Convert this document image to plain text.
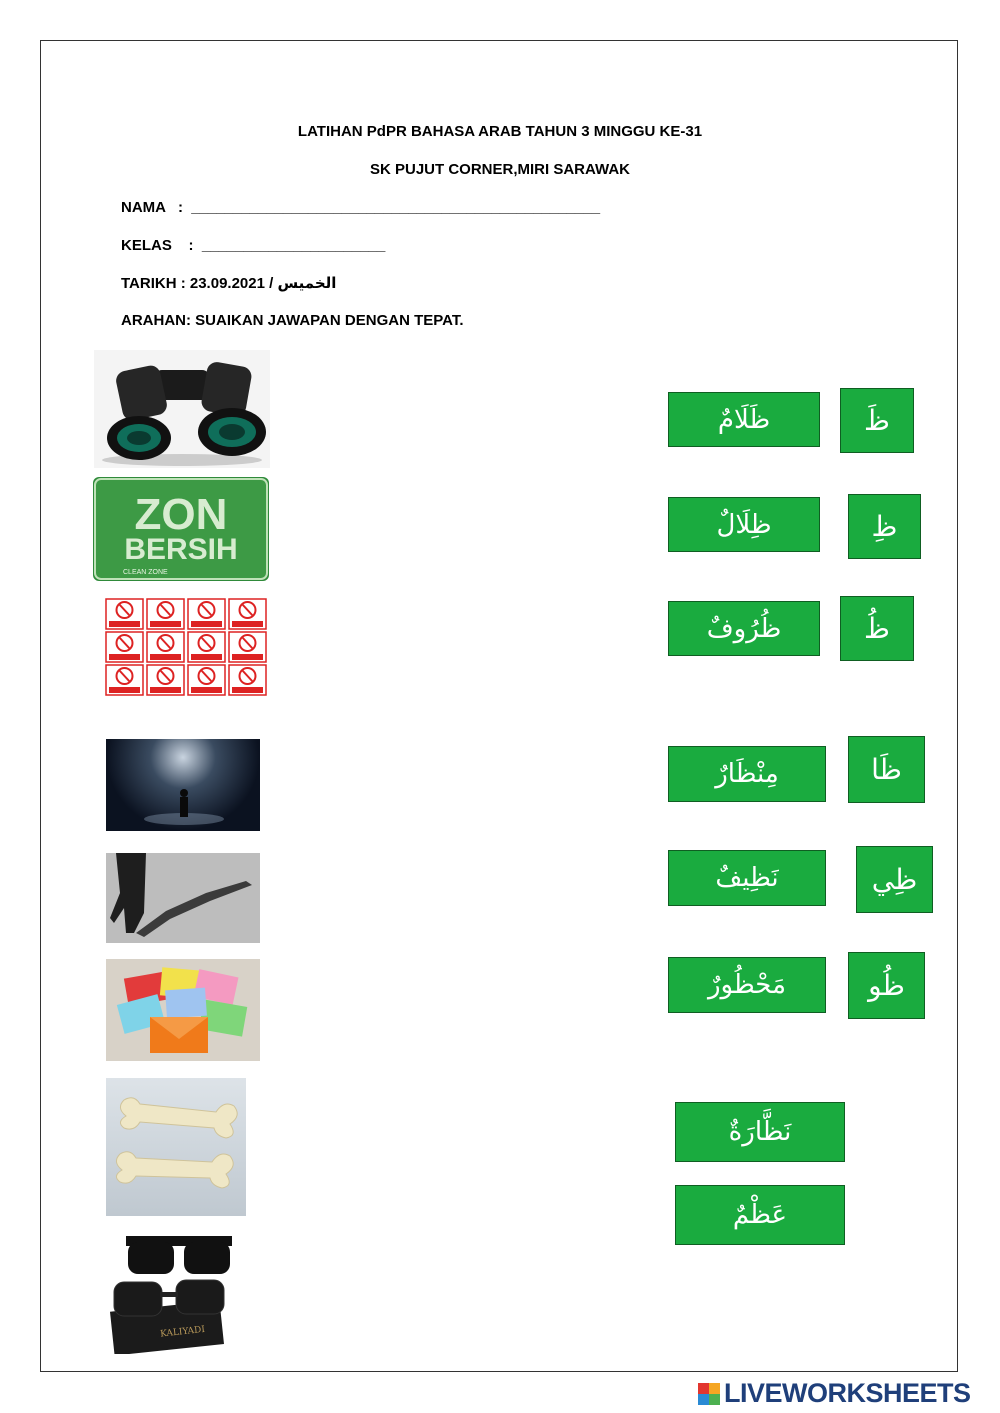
LATIHAN PdPR BAHASA ARAB TAHUN 3 MINGGU KE-31
SK PUJUT CORNER,MIRI SARAWAK
NAMA   :  _________________________________________________
KELAS    :  ______________________
TARIKH : 23.09.2021 / الخميس
ARAHAN: SUAIKAN JAWAPAN DENGAN TEPAT.
ZON
BERSIH
CLEAN ZONE
KALIYADI
ظَلَامٌ
ظِلَالٌ
ظُرُوفٌ
مِنْظَارٌ
نَظِيفٌ
مَحْظُورٌ
نَظَّارَةٌ
عَظْمٌ
ظَ
ظِ
ظُ
ظَا
ظِي
ظُو
LIVEWORKSHEETS
